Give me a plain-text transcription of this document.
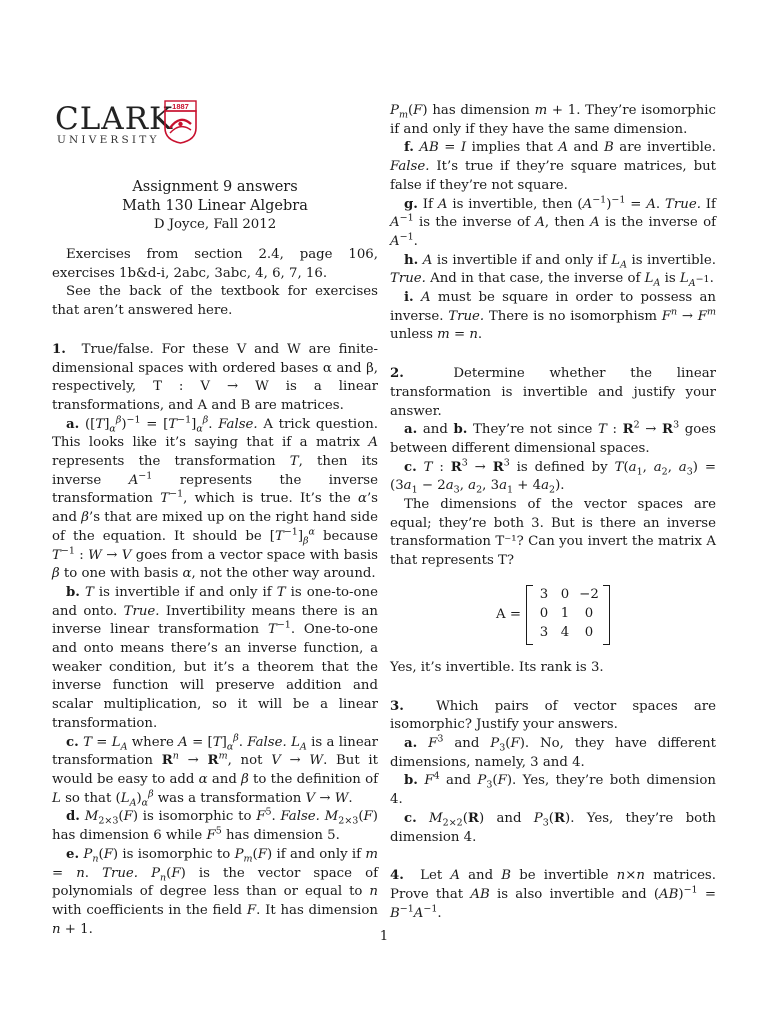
CLARK
UNIVERSITY
1887

Assignment 9 answers

Math 130 Linear Algebra

D Joyce, Fall 2012

Exercises from section 2.4, page 106, exercises 1b&d-i, 2abc, 3abc, 4, 6, 7, 16.

See the back of the textbook for exercises that aren’t answered here.

1. True/false. For these V and W are finite-dimensional spaces with ordered bases α and β, respectively, T : V → W is a linear transformations, and A and B are matrices.

a. $([T]_\alpha^\beta)^{-1} = [T^{-1}]_\alpha^\beta$. False. A trick question. This looks like it’s saying that if a matrix A represents the transformation T, then its inverse $A^{-1}$ represents the inverse transformation $T^{-1}$, which is true. It’s the α’s and β’s that are mixed up on the right hand side of the equation. It should be $[T^{-1}]_\beta^\alpha$ because $T^{-1}$ : W → V goes from a vector space with basis β to one with basis α, not the other way around.

b. T is invertible if and only if T is one-to-one and onto. True. Invertibility means there is an inverse linear transformation $T^{-1}$. One-to-one and onto means there’s an inverse function, a weaker condition, but it’s a theorem that the inverse function will preserve addition and scalar multiplication, so it will be a linear transformation.

c. $T = L_A$ where $A = [T]_\alpha^\beta$. False. $L_A$ is a linear transformation $R^n \to R^m$, not V → W. But it would be easy to add α and β to the definition of L so that $(L_A)_\alpha^\beta$ was a transformation V → W.

d. $M_{2\times 3}(F)$ is isomorphic to $F^5$. False. $M_{2\times 3}(F)$ has dimension 6 while $F^5$ has dimension 5.

e. $P_n(F)$ is isomorphic to $P_m(F)$ if and only if m = n. True. $P_n(F)$ is the vector space of polynomials of degree less than or equal to n with coefficients in the field F. It has dimension n + 1.

$P_m(F)$ has dimension m + 1. They’re isomorphic if and only if they have the same dimension.

f. AB = I implies that A and B are invertible. False. It’s true if they’re square matrices, but false if they’re not square.

g. If A is invertible, then $(A^{-1})^{-1} = A$. True. If $A^{-1}$ is the inverse of A, then A is the inverse of $A^{-1}$.

h. A is invertible if and only if $L_A$ is invertible. True. And in that case, the inverse of $L_A$ is $L_{A^{-1}}$.

i. A must be square in order to possess an inverse. True. There is no isomorphism $F^n \to F^m$ unless m = n.

2.	Determine whether the linear transformation is invertible and justify your answer.

a. and b. They’re not since T : $R^2 \to R^3$ goes between different dimensional spaces.

c. T : $R^3 \to R^3$ is defined by $T(a_1$, $a_2$, $a_3) = (3a_1 - 2a_3$, $a_2$, $3a_1 + 4a_2$).

The dimensions of the vector spaces are equal; they’re both 3. But is there an inverse transformation T⁻¹? Can you invert the matrix A that represents T?

A =
3 0 −2
0 1	0
3 4	0

Yes, it’s invertible. Its rank is 3.

3. Which pairs of vector spaces are isomorphic? Justify your answers.

a. $F^3$ and $P_3(F)$. No, they have different dimensions, namely, 3 and 4.

b. $F^4$ and $P_3(F)$. Yes, they’re both dimension 4.

c. $M_{2\times 2}(R)$ and $P_3(R)$. Yes, they’re both dimension 4.

4.  Let A and B be invertible n×n matrices. Prove that AB is also invertible and $(AB)^{-1} = B^{-1}A^{-1}$.

1
